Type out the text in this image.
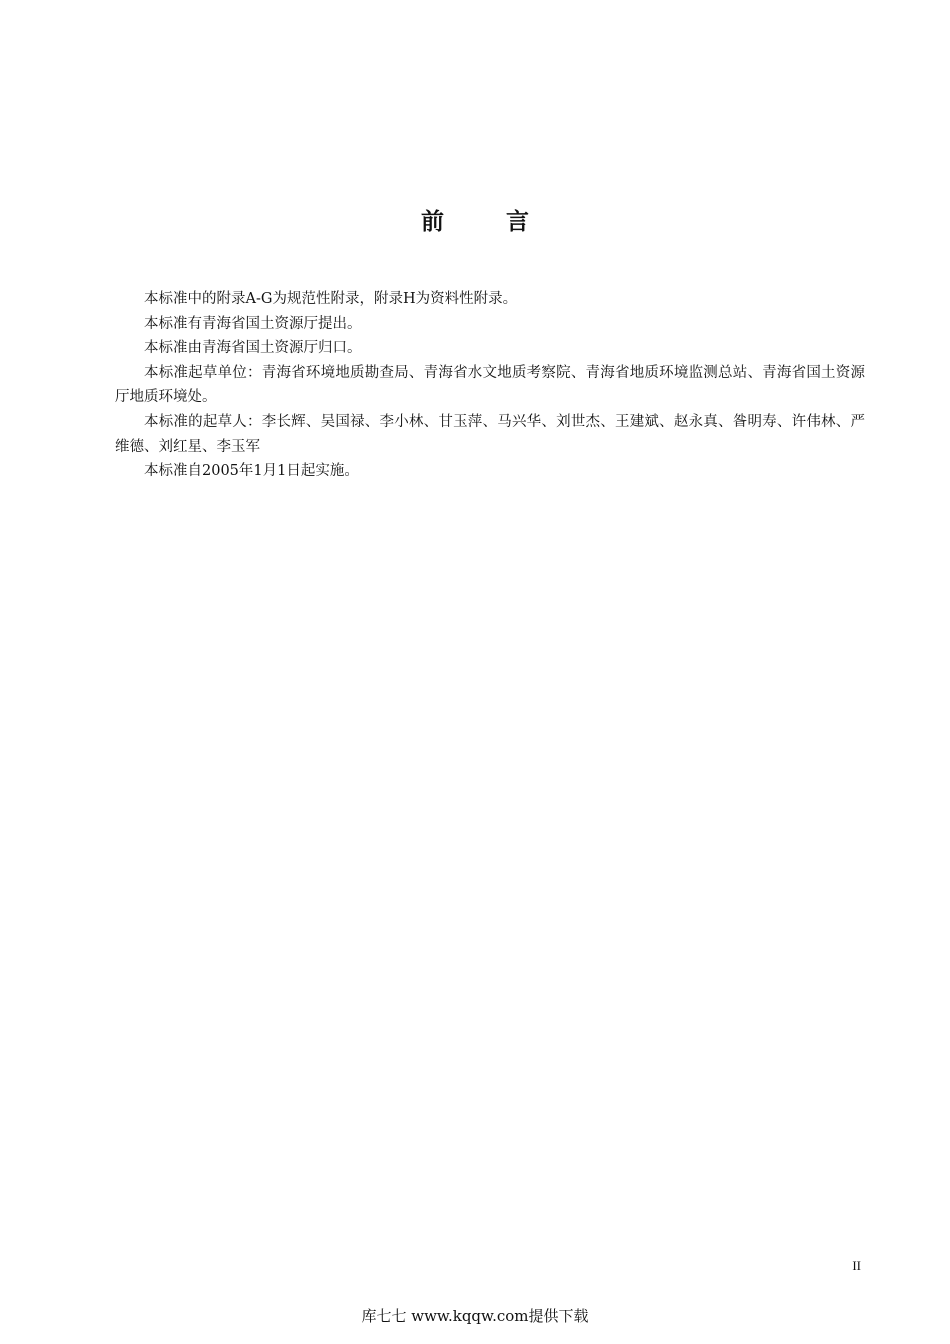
前	言

本标准中的附录A-G为规范性附录，附录H为资料性附录。

本标准有青海省国土资源厅提出。

本标准由青海省国土资源厅归口。

本标准起草单位：青海省环境地质勘查局、青海省水文地质考察院、青海省地质环境监测总站、青海省国土资源厅地质环境处。

本标准的起草人：李长辉、吴国禄、李小林、甘玉萍、马兴华、刘世杰、王建斌、赵永真、昝明寿、许伟林、严维德、刘红星、李玉军

本标准自2005年1月1日起实施。

II
库七七 www.kqqw.com提供下载
